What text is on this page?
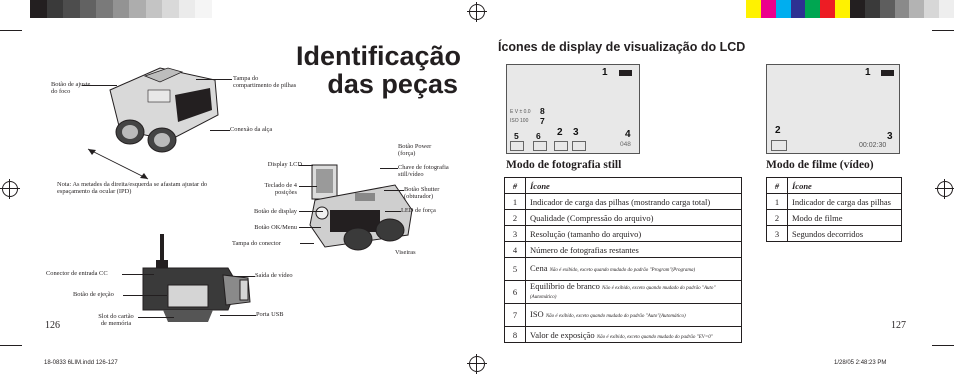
Identificação
das peças
Botão de ajuste do foco
Tampa do compartimento de pilhas
Conexão da alça
Nota: As metades da direita/esquerda se afastam ajustar do espaçamento da ocular (IPD)
Display LCD
Teclado de 4 posições
Botão de display
Botão OK/Menu
Tampa do conector
Botão Power (força)
Chave de fotografia still/vídeo
Botão Shutter (obturador)
LED de força
Viseiras
Conector de entrada CC
Botão de ejeção
Slot do cartão de memória
Saída de vídeo
Porta USB
126
Ícones de display de visualização do LCD
1
E V ± 0.0 8
ISO 100 7
5 6 2 3	4
048
1
2
3
00:02:30
Modo de fotografia still
#	Ícone
1	Indicador de carga das pilhas (mostrando carga total)
2	Qualidade (Compressão do arquivo)
3	Resolução (tamanho do arquivo)
4	Número de fotografias restantes
5	Cena Não é exibido, exceto quando mudado do padrão "Program"(Programa)
6	Equilíbrio de branco Não é exibido, exceto quando mudado do padrão "Auto"(Automático)
7	ISO Não é exibido, exceto quando mudado do padrão "Auto"(Automático)
8	Valor de exposição Não é exibido, exceto quando mudado do padrão "EV=0"
Modo de filme (vídeo)
#	Ícone
1	Indicador de carga das pilhas
2	Modo de filme
3	Segundos decorridos
127
18-0833 6LIM.indd 126-127	1/28/05 2:48:23 PM
